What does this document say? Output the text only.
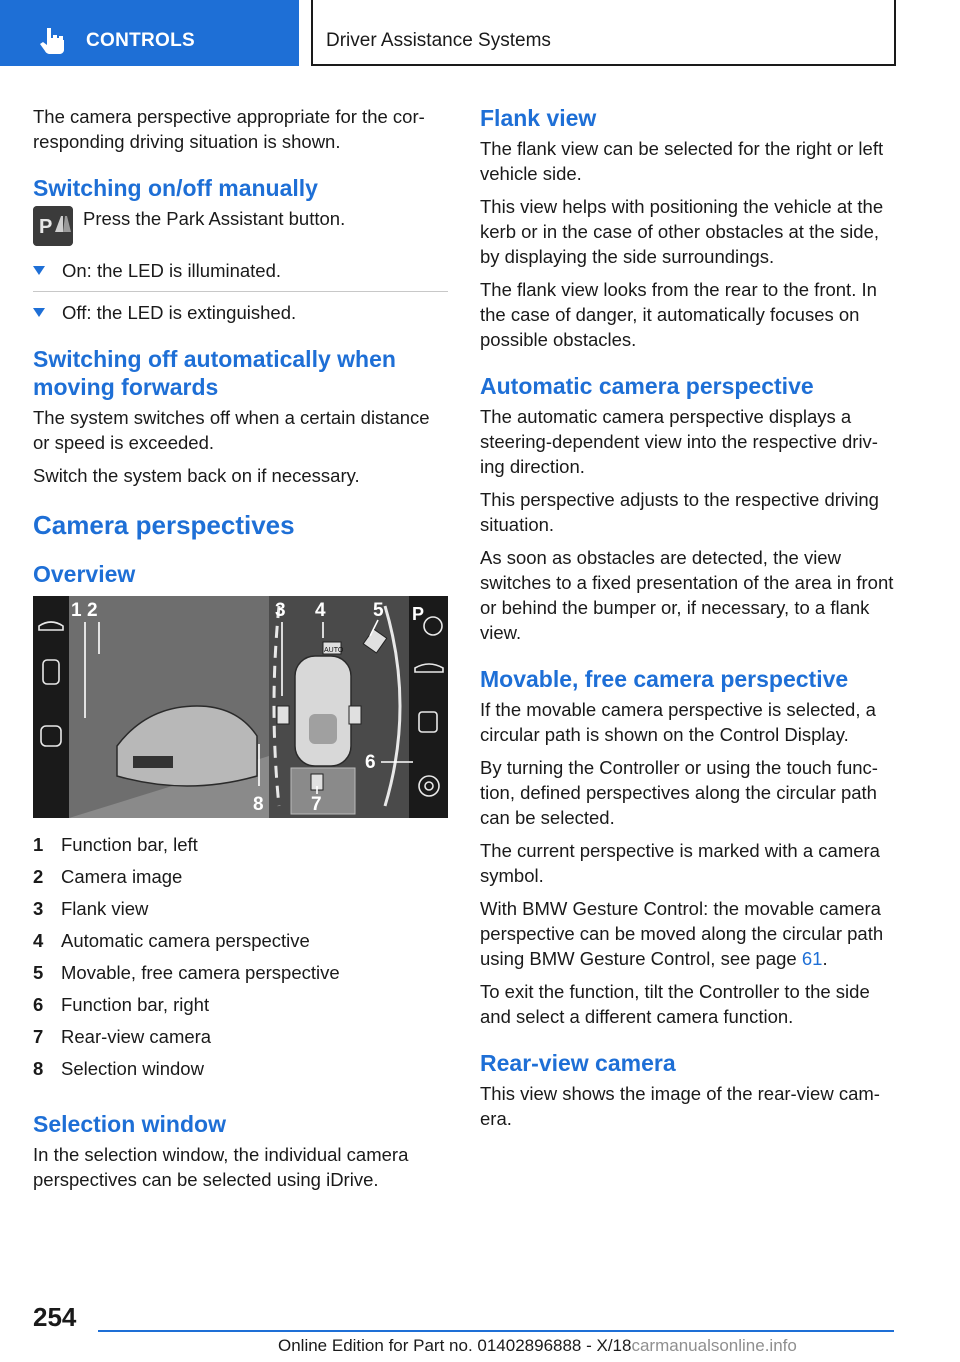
CONTROLS	Driver Assistance Systems
The camera perspective appropriate for the cor-responding driving situation is shown.
Switching on/off manually
P Press the Park Assistant button.
On: the LED is illuminated.
Off: the LED is extinguished.
Switching off automatically when moving forwards
The system switches off when a certain distance or speed is exceeded.
Switch the system back on if necessary.
Camera perspectives
Overview
AUTO
P
1 2	3 4 5
6
7
8
1 Function bar, left
2 Camera image
3 Flank view
4 Automatic camera perspective
5 Movable, free camera perspective
6 Function bar, right
7 Rear-view camera
8 Selection window
Selection window
In the selection window, the individual camera perspectives can be selected using iDrive.
Flank view
The flank view can be selected for the right or left vehicle side.
This view helps with positioning the vehicle at the kerb or in the case of other obstacles at the side, by displaying the side surroundings.
The flank view looks from the rear to the front. In the case of danger, it automatically focuses on possible obstacles.
Automatic camera perspective
The automatic camera perspective displays a steering-dependent view into the respective driv-ing direction.
This perspective adjusts to the respective driving situation.
As soon as obstacles are detected, the view switches to a fixed presentation of the area in front or behind the bumper or, if necessary, to a flank view.
Movable, free camera perspective
If the movable camera perspective is selected, a circular path is shown on the Control Display.
By turning the Controller or using the touch func-tion, defined perspectives along the circular path can be selected.
The current perspective is marked with a camera symbol.
With BMW Gesture Control: the movable camera perspective can be moved along the circular path using BMW Gesture Control, see page 61.
To exit the function, tilt the Controller to the side and select a different camera function.
Rear-view camera
This view shows the image of the rear-view cam-era.
254
Online Edition for Part no. 01402896888 - X/18carmanualsonline.info
